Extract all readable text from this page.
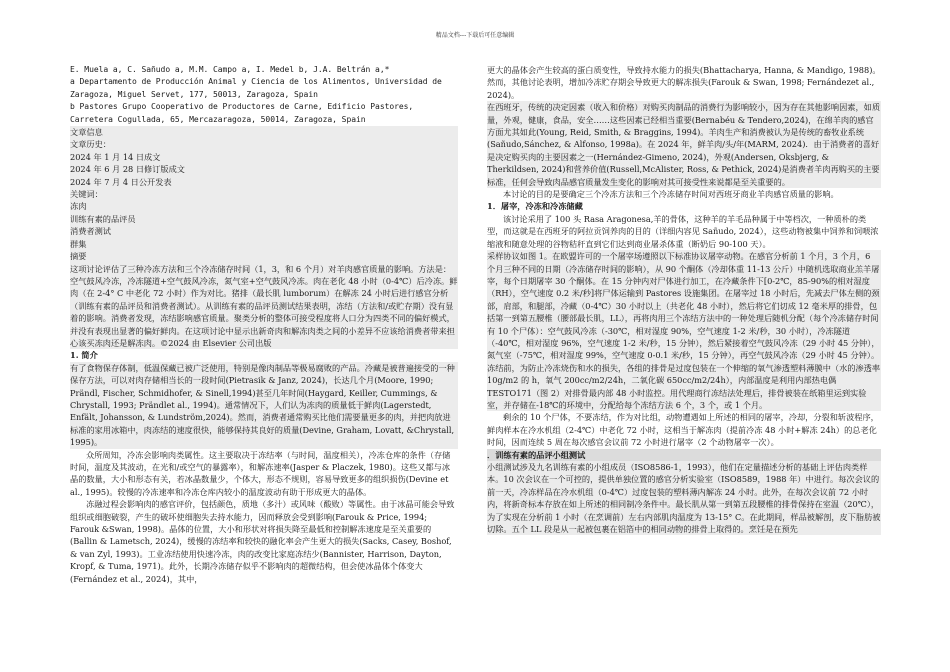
精品文档---下载后可任意编辑

E. Muela a, C. Sañudo a, M.M. Campo a, I. Medel b, J.A. Beltrán a,*

a Departamento de Producción Animal y Ciencia de los Alimentos, Universidad de

Zaragoza, Miguel Servet, 177, 50013, Zaragoza, Spain

b Pastores Grupo Cooperativo de Productores de Carne, Edificio Pastores,

Carretera Cogullada, 65, Mercazaragoza, 50014, Zaragoza, Spain

文章信息

文章历史：

2024 年 1 月 14 日成文

2024 年 6 月 28 日修订版成文

2024 年 7 月 4 日公开发表

关键词：

冻肉

训练有素的品评员

消费者测试

群集

摘要

这项讨论评估了三种冷冻方法和三个冷冻储存时间（1，3，和 6 个月）对羊肉感官质量的影响。方法是：空气鼓风冷冻，冷冻隧道+空气鼓风冷冻，氮气室+空气鼓风冷冻。肉在老化 48 小时（0-4℃）后冷冻。鲜肉（在 2-4° C 中老化 72 小时）作为对比。猪排（最长肌 lumborum）在解冻 24 小时后进行感官分析（训练有素的品评员和消费者测试）。从训练有素的品评员测试结果表明，冻结（方法和/或贮存期）没有显着的影响。消费者发现，冻结影响感官质量。聚类分析的整体可接受程度将人口分为四类不同的偏好模式，并没有表现出显著的偏好鲜肉。在这项讨论中显示出新奇肉和解冻肉类之间的小差异不应该给消费者带来担心该买冻肉还是解冻肉。©2024 由 Elsevier 公司出版

1. 简介

有了食物保存体制，低温保藏已被广泛使用，特别是像肉制品等极易腐败的产品。冷藏是被普遍接受的一种保存方法，可以对肉存储相当长的一段时间(Pietrasik & Janz, 2024)，长达几个月(Moore, 1990; Prändl, Fischer, Schmidhofer, & Sinell,1994)甚至几年时间(Haygard, Keiller, Cummings, & Chrystall, 1993; Prändlet al., 1994)。通常情况下，人们认为冻肉的质量低于鲜肉(Lagerstedt, Enfält, Johansson, & Lundström,2024)。然而，消费者通常购买比他们需要量更多的肉，并把肉放进标准的家用冰箱中，肉冻结的速度很快，能够保持其良好的质量(Devine, Graham, Lovatt, &Chrystall, 1995)。

众所周知，冷冻会影响肉类属性。这主要取决于冻结率（与时间，温度相关），冷冻仓库的条件（存储时间，温度及其波动，在光和/或空气的暴露率），和解冻速率(Jasper & Placzek, 1980)。这些又都与冰晶的数量，大小和形态有关，若冰晶数量少，个体大，形态不规则，容易导致更多的组织损伤(Devine et al., 1995)。较慢的冷冻速率和冷冻仓库内较小的温度波动有助于形成更大的晶体。

冻融过程会影响肉的感官评价，包括颜色，质地（多汁）或风味（酸败）等属性。由于冰晶可能会导致组织或细胞破裂，产生的破坏使细胞失去持水能力，因而释放会受到影响(Farouk & Price, 1994; Farouk &Swan, 1998)。晶体的位置，大小和形状对将损失降至最低和控制解冻速度是至关重要的(Ballin & Lametsch, 2024)，缓慢的冻结率和较快的融化率会产生更大的损失(Sacks, Casey, Boshof, & van Zyl, 1993)。工业冻结使用快速冷冻，肉的改变比家庭冻结少(Bannister, Harrison, Dayton, Kropf, & Tuma, 1971)。此外，长期冷冻储存似乎不影响肉的超微结构，但会使冰晶体个体变大(Fernández et al., 2024)，其中，

更大的晶体会产生较高的蛋白质变性，导致持水能力的损失(Bhattacharya, Hanna, & Mandigo, 1988)。然而，其他讨论表明，增加冷冻贮存期会导致更大的解冻损失(Farouk & Swan, 1998; Fernándezet al., 2024)。

在西班牙，传统的决定因素（收入和价格）对购买肉制品的消费行为影响较小，因为存在其他影响因素，如质量，外观，健康，食品，安全……这些因素已经相当重要(Bernabéu & Tendero,2024)，在绵羊肉的感官方面尤其如此(Young, Reid, Smith, & Braggins, 1994)。羊肉生产和消费被认为是传统的畜牧业系统(Sañudo,Sánchez, & Alfonso, 1998a)。在 2024 年，鲜羊肉/头/年(MARM, 2024)．由于消费者的喜好是决定购买肉的主要因素之一(Hernández-Gimeno, 2024)，外观(Andersen, Oksbjerg, & Therkildsen, 2024)和营养价值(Russell,McAlister, Ross, & Pethick, 2024)是消费者羊肉再购买的主要标准，任何会导致肉品感官质量发生变化的影响对其可接受性来说都是至关重要的。

本讨论的目的是要确定三个冷冻方法和三个冷冻储存时间对西班牙商业羊肉感官质量的影响。

1．屠宰，冷冻和冷冻储藏

该讨论采用了 100 头 Rasa Aragonesa,羊的骨体，这种羊的羊毛品种属于中等档次，一种质朴的类型，而这就是在西班牙的阿拉贡饲养肉的目的（详细内容见 Sañudo, 2024），这些动物被集中饲养和饲喂浓缩液和随意处理的谷物秸秆直到它们达到商业屠杀体重（断奶后 90-100 天）。

采样协议如图 1。在欧盟许可的一个屠宰场遵照以下标准协议屠宰动物。在感官分析前 1 个月，3 个月，6 个月三种不同的日期（冷冻储存时间的影响），从 90 个酮体（冷却体重 11-13 公斤）中随机选取商业羔羊屠宰，每个日期屠宰 30 个酮体。在 15 分钟内对尸体进行加工，在冷藏条件下[0-2℃，85-90%的相对湿度（RH），空气速度 0.2 米/秒]将尸体运输到 Pastores 设施集团。在屠宰过 18 小时后，先减去尸体左侧的颈部，肩部，和腿部，冷藏（0-4℃）30 小时以上（共老化 48 小时），然后将它们切成 12 毫米厚的排骨，包括第一到第五腰椎（腰部最长肌，LL），再将肉用三个冻结方法中的一种处理后随机分配（每个冷冻储存时间有 10 个尸体）：空气鼓风冷冻（-30℃，相对湿度 90%，空气速度 1-2 米/秒，30 小时），冷冻隧道（-40℃，相对湿度 96%，空气速度 1-2 米/秒，15 分钟），然后紧接着空气鼓风冷冻（29 小时 45 分钟），氮气室（-75℃，相对湿度 99%，空气速度 0-0.1 米/秒，15 分钟），再空气鼓风冷冻（29 小时 45 分钟）。冻结前，为防止冷冻烧伤和水的损失，各组的排骨是过度包装在一个伸缩的氧气渗透塑料薄膜中（水的渗透率 10g/m2 的 h，氧气 200cc/m2/24h，二氧化碳 650cc/m2/24h），内部温度是利用内部热电偶 TESTO171（图 2）对排骨最内部 48 小时监控。用代理商行冻结法处理后，排骨被装在纸箱里运到实验室，并存储在-18℃的环境中，分配给每个冻结方法 6 个，3 个，或 1 个月。

剩余的 10 个尸体，不要冻结，作为对比组，动物遭遇如上所述的相同的屠宰，冷却，分裂和斩波程序，鲜肉样本在冷水机组（2-4℃）中老化 72 小时，这相当于解冻肉（提前冷冻 48 小时+解冻 24h）的总老化时间，因而连续 5 周在每次感官会议前 72 小时进行屠宰（2 个动物屠宰一次）。

．训练有素的品评小组测试

小组测试涉及九名训练有素的小组成员（ISO8586-1，1993），他们在定量描述分析的基础上评估肉类样本。10 次会议在一个可控的，提供单独位置的感官分析实验室（ISO8589，1988 年）中进行。每次会议的前一天，冷冻样品在冷水机组（0-4℃）过度包装的塑料薄内解冻 24 小时。此外，在每次会议前 72 小时内，将新奇标本存放在如上所述的相同制冷条件中。最长肌从第一到第五段腰椎的排骨保持在室温（20℃），为了实现在分析前 1 小时（在烹调前）左右内部肌肉温度为 13-15° C。在此期间，样品被解剖，皮下脂肪被切除。五个 LL 段是从一起被包裹在铝箔中的相同动物的排骨上取得的。烹饪是在预先
